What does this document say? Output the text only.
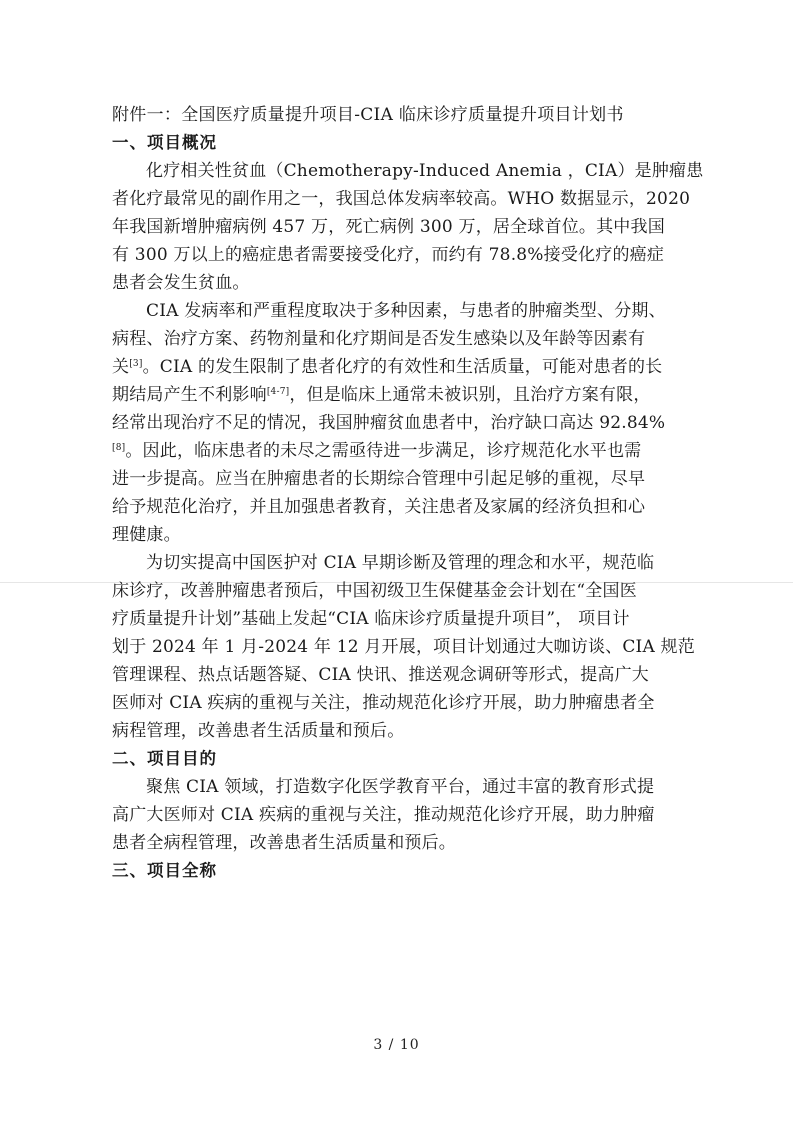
附件一：全国医疗质量提升项目-CIA 临床诊疗质量提升项目计划书
一、项目概况
化疗相关性贫血（Chemotherapy-Induced Anemia ，CIA）是肿瘤患
者化疗最常见的副作用之一，我国总体发病率较高。WHO 数据显示，2020
年我国新增肿瘤病例 457 万，死亡病例 300 万，居全球首位。其中我国
有 300 万以上的癌症患者需要接受化疗，而约有 78.8%接受化疗的癌症
患者会发生贫血。
CIA 发病率和严重程度取决于多种因素，与患者的肿瘤类型、分期、
病程、治疗方案、药物剂量和化疗期间是否发生感染以及年龄等因素有
关[3]。CIA 的发生限制了患者化疗的有效性和生活质量，可能对患者的长
期结局产生不利影响[4-7]，但是临床上通常未被识别，且治疗方案有限，
经常出现治疗不足的情况，我国肿瘤贫血患者中，治疗缺口高达 92.84%
[8]。因此，临床患者的未尽之需亟待进一步满足，诊疗规范化水平也需
进一步提高。应当在肿瘤患者的长期综合管理中引起足够的重视，尽早
给予规范化治疗，并且加强患者教育，关注患者及家属的经济负担和心
理健康。
为切实提高中国医护对 CIA 早期诊断及管理的理念和水平，规范临
床诊疗，改善肿瘤患者预后，中国初级卫生保健基金会计划在“全国医
疗质量提升计划”基础上发起“CIA 临床诊疗质量提升项目”， 项目计
划于 2024 年 1 月-2024 年 12 月开展，项目计划通过大咖访谈、CIA 规范
管理课程、热点话题答疑、CIA 快讯、推送观念调研等形式，提高广大
医师对 CIA 疾病的重视与关注，推动规范化诊疗开展，助力肿瘤患者全
病程管理，改善患者生活质量和预后。
二、项目目的
聚焦 CIA 领域，打造数字化医学教育平台，通过丰富的教育形式提
高广大医师对 CIA 疾病的重视与关注，推动规范化诊疗开展，助力肿瘤
患者全病程管理，改善患者生活质量和预后。
三、项目全称
3 / 10
